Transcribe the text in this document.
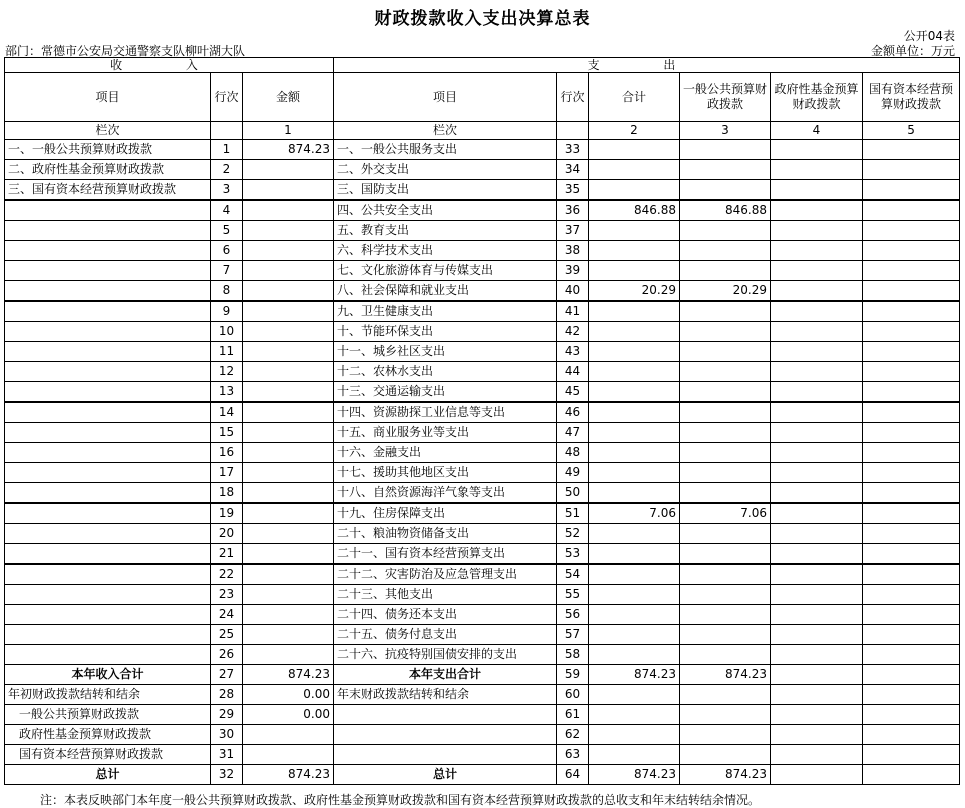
财政拨款收入支出决算总表
公开04表
部门：常德市公安局交通警察支队柳叶湖大队	金额单位：万元
收 入			支 出					
项目	行次	金额	项目	行次	合计	一般公共预算财政拨款	政府性基金预算财政拨款	国有资本经营预算财政拨款
栏次		1	栏次		2	3	4	5
一、一般公共预算财政拨款	1	874.23	一、一般公共服务支出	33				
二、政府性基金预算财政拨款	2		二、外交支出	34				
三、国有资本经营预算财政拨款	3		三、国防支出	35				
	4		四、公共安全支出	36	846.88	846.88		
	5		五、教育支出	37				
	6		六、科学技术支出	38				
	7		七、文化旅游体育与传媒支出	39				
	8		八、社会保障和就业支出	40	20.29	20.29		
	9		九、卫生健康支出	41				
	10		十、节能环保支出	42				
	11		十一、城乡社区支出	43				
	12		十二、农林水支出	44				
	13		十三、交通运输支出	45				
	14		十四、资源勘探工业信息等支出	46				
	15		十五、商业服务业等支出	47				
	16		十六、金融支出	48				
	17		十七、援助其他地区支出	49				
	18		十八、自然资源海洋气象等支出	50				
	19		十九、住房保障支出	51	7.06	7.06		
	20		二十、粮油物资储备支出	52				
	21		二十一、国有资本经营预算支出	53				
	22		二十二、灾害防治及应急管理支出	54				
	23		二十三、其他支出	55				
	24		二十四、债务还本支出	56				
	25		二十五、债务付息支出	57				
	26		二十六、抗疫特别国债安排的支出	58				
本年收入合计	27	874.23	本年支出合计	59	874.23	874.23		
年初财政拨款结转和结余	28	0.00	年末财政拨款结转和结余	60				
一般公共预算财政拨款	29	0.00		61				
政府性基金预算财政拨款	30			62				
国有资本经营预算财政拨款	31			63				
总计	32	874.23	总计	64	874.23	874.23		
注：本表反映部门本年度一般公共预算财政拨款、政府性基金预算财政拨款和国有资本经营预算财政拨款的总收支和年末结转结余情况。
